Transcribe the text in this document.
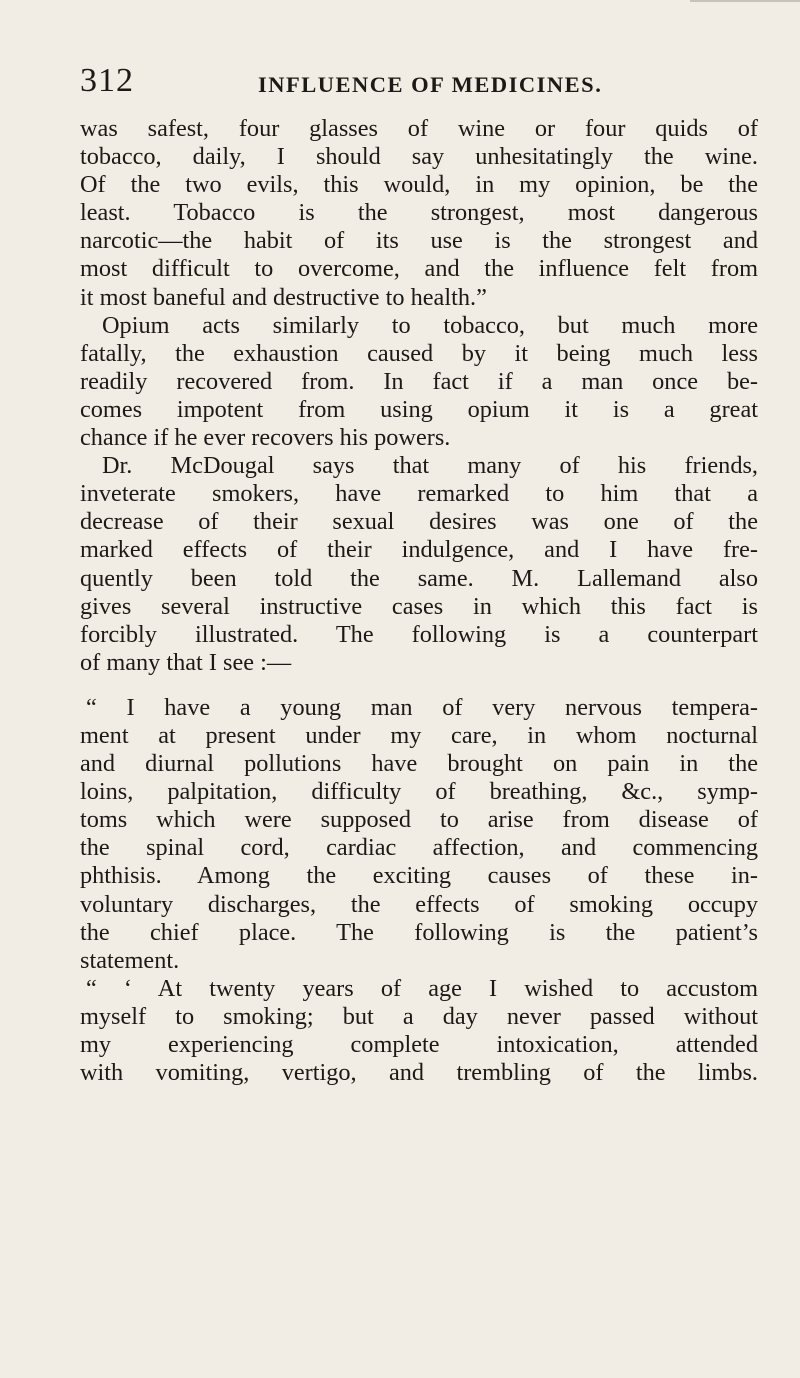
312	INFLUENCE OF MEDICINES.
was safest, four glasses of wine or four quids of
tobacco, daily, I should say unhesitatingly the wine.
Of the two evils, this would, in my opinion, be the
least. Tobacco is the strongest, most dangerous
narcotic—the habit of its use is the strongest and
most difficult to overcome, and the influence felt from
it most baneful and destructive to health.”
Opium acts similarly to tobacco, but much more
fatally, the exhaustion caused by it being much less
readily recovered from. In fact if a man once be-
comes impotent from using opium it is a great
chance if he ever recovers his powers.
Dr. McDougal says that many of his friends,
inveterate smokers, have remarked to him that a
decrease of their sexual desires was one of the
marked effects of their indulgence, and I have fre-
quently been told the same. M. Lallemand also
gives several instructive cases in which this fact is
forcibly illustrated. The following is a counterpart
of many that I see :—
“ I have a young man of very nervous tempera-
ment at present under my care, in whom nocturnal
and diurnal pollutions have brought on pain in the
loins, palpitation, difficulty of breathing, &c., symp-
toms which were supposed to arise from disease of
the spinal cord, cardiac affection, and commencing
phthisis. Among the exciting causes of these in-
voluntary discharges, the effects of smoking occupy
the chief place. The following is the patient’s
statement.
“ ‘ At twenty years of age I wished to accustom
myself to smoking; but a day never passed without
my experiencing complete intoxication, attended
with vomiting, vertigo, and trembling of the limbs.
